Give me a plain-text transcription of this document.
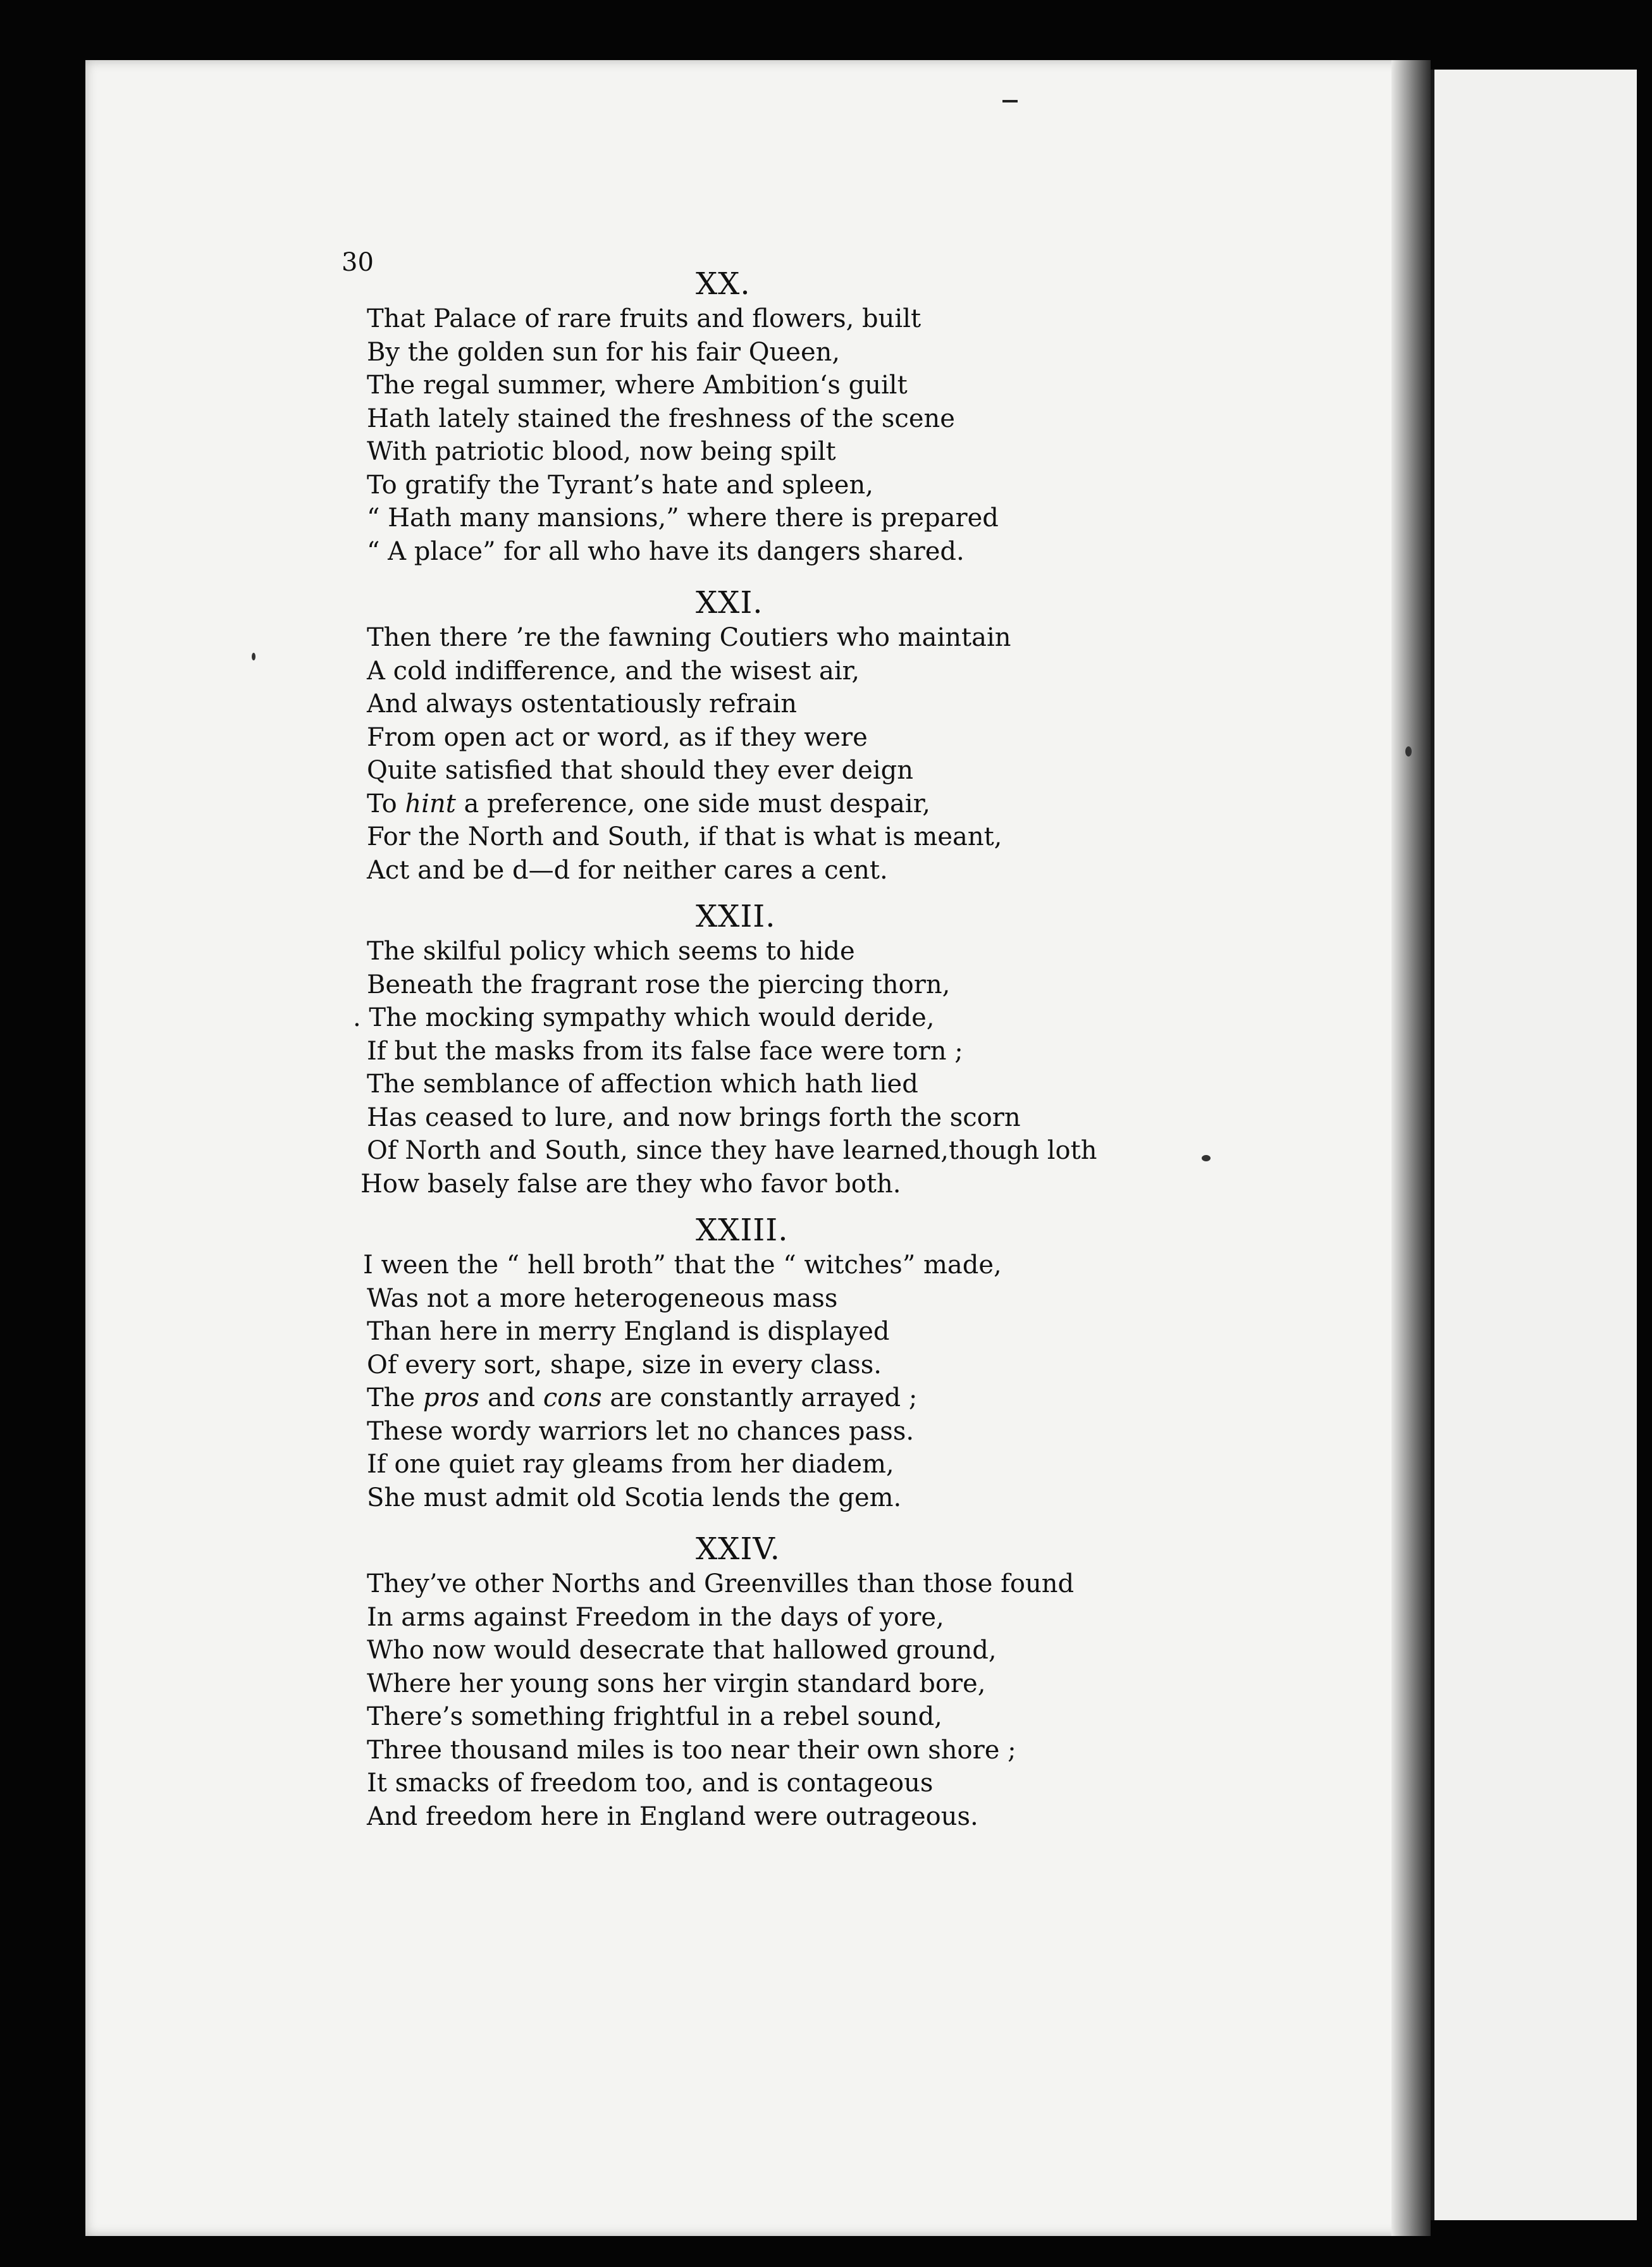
30
XX.
That Palace of rare fruits and flowers, built
By the golden sun for his fair Queen,
The regal summer, where Ambition‘s guilt
Hath lately stained the freshness of the scene
With patriotic blood, now being spilt
To gratify the Tyrant’s hate and spleen,
“ Hath many mansions,” where there is prepared
“ A place” for all who have its dangers shared.
XXI.
Then there ’re the fawning Coutiers who maintain
A cold indifference, and the wisest air,
And always ostentatiously refrain
From open act or word, as if they were
Quite satisfied that should they ever deign
To hint a preference, one side must despair,
For the North and South, if that is what is meant,
Act and be d—d for neither cares a cent.
XXII.
The skilful policy which seems to hide
Beneath the fragrant rose the piercing thorn,
. The mocking sympathy which would deride,
If but the masks from its false face were torn ;
The semblance of affection which hath lied
Has ceased to lure, and now brings forth the scorn
Of North and South, since they have learned,though loth
How basely false are they who favor both.
XXIII.
I ween the “ hell broth” that the “ witches” made,
Was not a more heterogeneous mass
Than here in merry England is displayed
Of every sort, shape, size in every class.
The pros and cons are constantly arrayed ;
These wordy warriors let no chances pass.
If one quiet ray gleams from her diadem,
She must admit old Scotia lends the gem.
XXIV.
They’ve other Norths and Greenvilles than those found
In arms against Freedom in the days of yore,
Who now would desecrate that hallowed ground,
Where her young sons her virgin standard bore,
There’s something frightful in a rebel sound,
Three thousand miles is too near their own shore ;
It smacks of freedom too, and is contageous
And freedom here in England were outrageous.
